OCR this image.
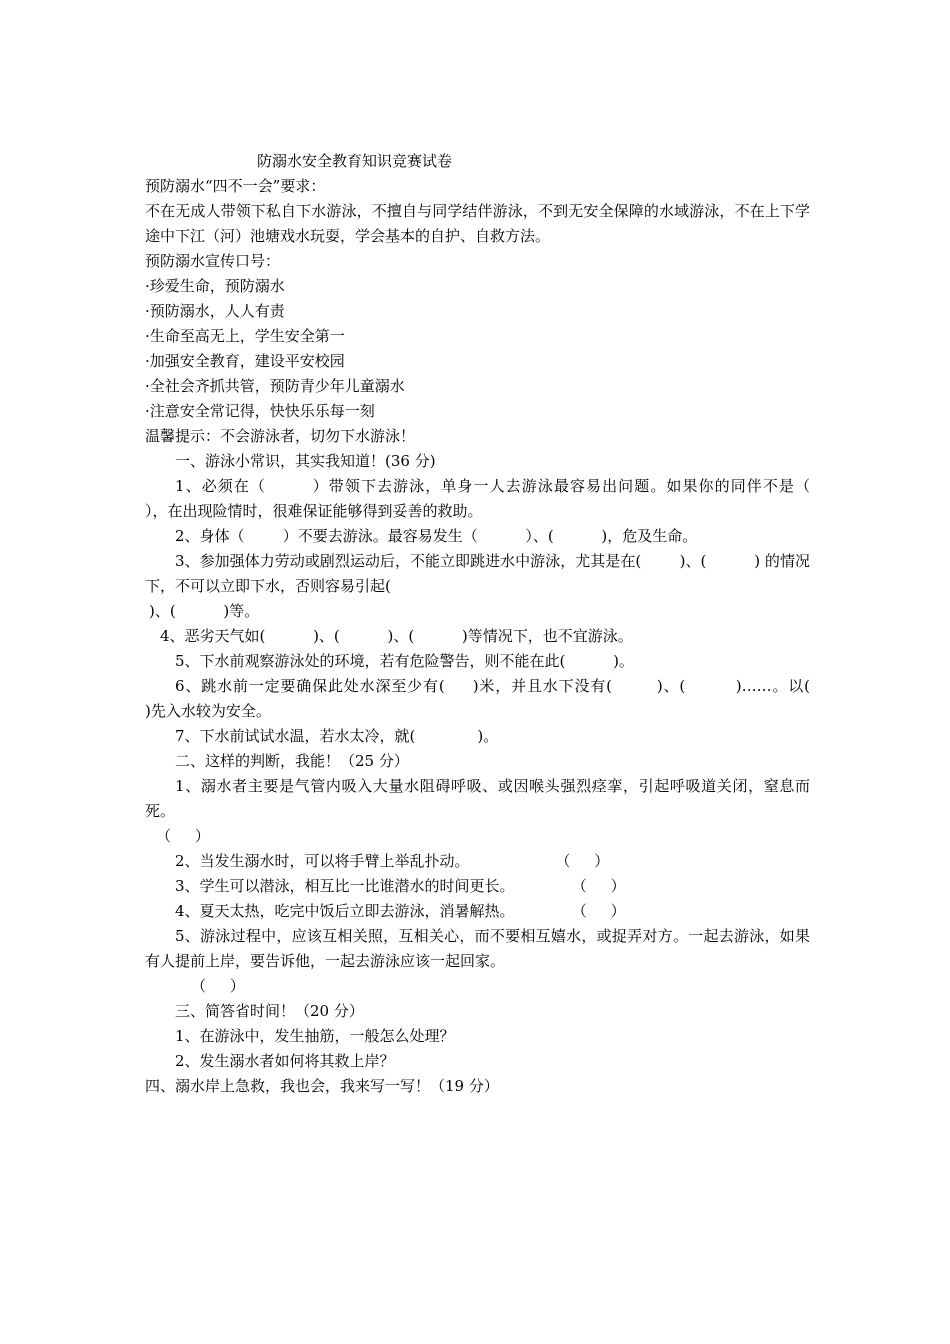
防溺水安全教育知识竞赛试卷
预防溺水“四不一会”要求：
不在无成人带领下私自下水游泳，不擅自与同学结伴游泳，不到无安全保障的水域游泳，不在上下学途中下江（河）池塘戏水玩耍，学会基本的自护、自救方法。
预防溺水宣传口号：
·珍爱生命，预防溺水
·预防溺水，人人有责
·生命至高无上，学生安全第一
·加强安全教育，建设平安校园
·全社会齐抓共管，预防青少年儿童溺水
·注意安全常记得，快快乐乐每一刻
温馨提示：不会游泳者，切勿下水游泳！
一、游泳小常识，其实我知道！(36 分)
1、必须在（        ）带领下去游泳，单身一人去游泳最容易出问题。如果你的同伴不是（        ），在出现险情时，很难保证能够得到妥善的救助。
2、身体（        ）不要去游泳。最容易发生（          ）、(          )，危及生命。
3、参加强体力劳动或剧烈运动后，不能立即跳进水中游泳，尤其是在(        )、(          ) 的情况下，不可以立即下水，否则容易引起(
)、(          )等。
4、恶劣天气如(          )、(          )、(          )等情况下，也不宜游泳。
5、下水前观察游泳处的环境，若有危险警告，则不能在此(          )。
6、跳水前一定要确保此处水深至少有(     )米，并且水下没有(        )、(         )……。以(         )先入水较为安全。
7、下水前试试水温，若水太冷，就(             )。
二、这样的判断，我能！（25 分）
1、溺水者主要是气管内吸入大量水阻碍呼吸、或因喉头强烈痉挛，引起呼吸道关闭，窒息而死。
（     ）
2、当发生溺水时，可以将手臂上举乱扑动。                  （     ）
3、学生可以潜泳，相互比一比谁潜水的时间更长。            （     ）
4、夏天太热，吃完中饭后立即去游泳，消暑解热。            （     ）
5、游泳过程中，应该互相关照，互相关心，而不要相互嬉水，或捉弄对方。一起去游泳，如果有人提前上岸，要告诉他，一起去游泳应该一起回家。
（     ）
三、简答省时间！（20 分）
1、在游泳中，发生抽筋，一般怎么处理？
2、发生溺水者如何将其救上岸？
四、溺水岸上急救，我也会，我来写一写！（19 分）
